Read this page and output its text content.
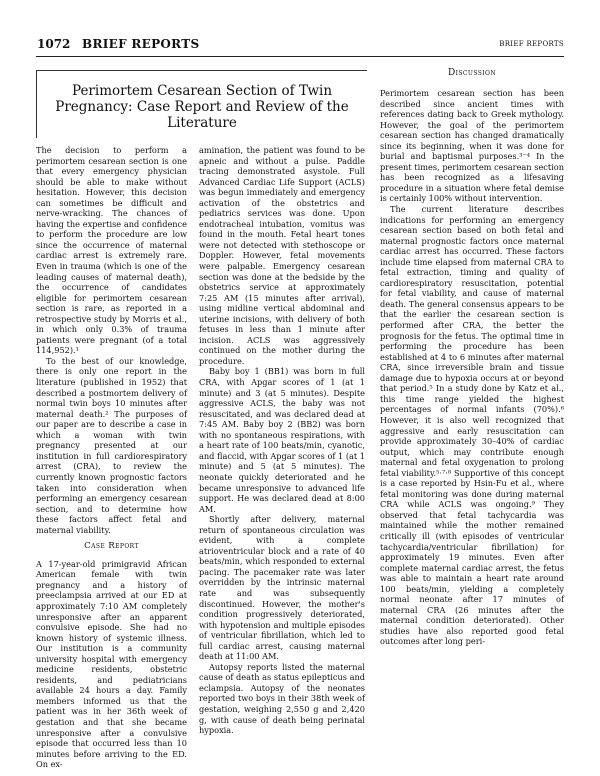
1072 BRIEF REPORTS	BRIEF REPORTS
Perimortem Cesarean Section of Twin Pregnancy: Case Report and Review of the Literature

The decision to perform a perimortem cesarean section is one that every emergency physician should be able to make without hesitation. However, this decision can sometimes be difficult and nerve-wracking. The chances of having the expertise and confidence to perform the procedure are low since the occurrence of maternal cardiac arrest is extremely rare. Even in trauma (which is one of the leading causes of maternal death), the occurrence of candidates eligible for perimortem cesarean section is rare, as reported in a retrospective study by Morris et al., in which only 0.3% of trauma patients were pregnant (of a total 114,952).¹

To the best of our knowledge, there is only one report in the literature (published in 1952) that described a postmortem delivery of normal twin boys 10 minutes after maternal death.² The purposes of our paper are to describe a case in which a woman with twin pregnancy presented at our institution in full cardiorespiratory arrest (CRA), to review the currently known prognostic factors taken into consideration when performing an emergency cesarean section, and to determine how these factors affect fetal and maternal viability.

Case Report

A 17-year-old primigravid African American female with twin pregnancy and a history of preeclampsia arrived at our ED at approximately 7:10 AM completely unresponsive after an apparent convulsive episode. She had no known history of systemic illness. Our institution is a community university hospital with emergency medicine residents, obstetric residents, and pediatricians available 24 hours a day. Family members informed us that the patient was in her 36th week of gestation and that she became unresponsive after a convulsive episode that occurred less than 10 minutes before arriving to the ED. On ex-

amination, the patient was found to be apneic and without a pulse. Paddle tracing demonstrated asystole. Full Advanced Cardiac Life Support (ACLS) was begun immediately and emergency activation of the obstetrics and pediatrics services was done. Upon endotracheal intubation, vomitus was found in the mouth. Fetal heart tones were not detected with stethoscope or Doppler. However, fetal movements were palpable. Emergency cesarean section was done at the bedside by the obstetrics service at approximately 7:25 AM (15 minutes after arrival), using midline vertical abdominal and uterine incisions, with delivery of both fetuses in less than 1 minute after incision. ACLS was aggressively continued on the mother during the procedure.

Baby boy 1 (BB1) was born in full CRA, with Apgar scores of 1 (at 1 minute) and 3 (at 5 minutes). Despite aggressive ACLS, the baby was not resuscitated, and was declared dead at 7:45 AM. Baby boy 2 (BB2) was born with no spontaneous respirations, with a heart rate of 100 beats/min, cyanotic, and flaccid, with Apgar scores of 1 (at 1 minute) and 5 (at 5 minutes). The neonate quickly deteriorated and he became unresponsive to advanced life support. He was declared dead at 8:00 AM.

Shortly after delivery, maternal return of spontaneous circulation was evident, with a complete atrioventricular block and a rate of 40 beats/min, which responded to external pacing. The pacemaker rate was later overridden by the intrinsic maternal rate and was subsequently discontinued. However, the mother's condition progressively deteriorated, with hypotension and multiple episodes of ventricular fibrillation, which led to full cardiac arrest, causing maternal death at 11:00 AM.

Autopsy reports listed the maternal cause of death as status epilepticus and eclampsia. Autopsy of the neonates reported two boys in their 38th week of gestation, weighing 2,550 g and 2,420 g, with cause of death being perinatal hypoxia.

Discussion

Perimortem cesarean section has been described since ancient times with references dating back to Greek mythology. However, the goal of the perimortem cesarean section has changed dramatically since its beginning, when it was done for burial and baptismal purposes.³⁻⁴ In the present times, perimortem cesarean section has been recognized as a lifesaving procedure in a situation where fetal demise is certainly 100% without intervention.

The current literature describes indications for performing an emergency cesarean section based on both fetal and maternal prognostic factors once maternal cardiac arrest has occurred. These factors include time elapsed from maternal CRA to fetal extraction, timing and quality of cardiorespiratory resuscitation, potential for fetal viability, and cause of maternal death. The general consensus appears to be that the earlier the cesarean section is performed after CRA, the better the prognosis for the fetus. The optimal time in performing the procedure has been established at 4 to 6 minutes after maternal CRA, since irreversible brain and tissue damage due to hypoxia occurs at or beyond that period.⁵ In a study done by Katz et al., this time range yielded the highest percentages of normal infants (70%).⁶ However, it is also well recognized that aggressive and early resuscitation can provide approximately 30–40% of cardiac output, which may contribute enough maternal and fetal oxygenation to prolong fetal viability.⁵·⁷·⁸ Supportive of this concept is a case reported by Hsin-Fu et al., where fetal monitoring was done during maternal CRA while ACLS was ongoing.⁹ They observed that fetal tachycardia was maintained while the mother remained critically ill (with episodes of ventricular tachycardia/ventricular fibrillation) for approximately 19 minutes. Even after complete maternal cardiac arrest, the fetus was able to maintain a heart rate around 100 beats/min, yielding a completely normal neonate after 17 minutes of maternal CRA (26 minutes after the maternal condition deteriorated). Other studies have also reported good fetal outcomes after long peri-
